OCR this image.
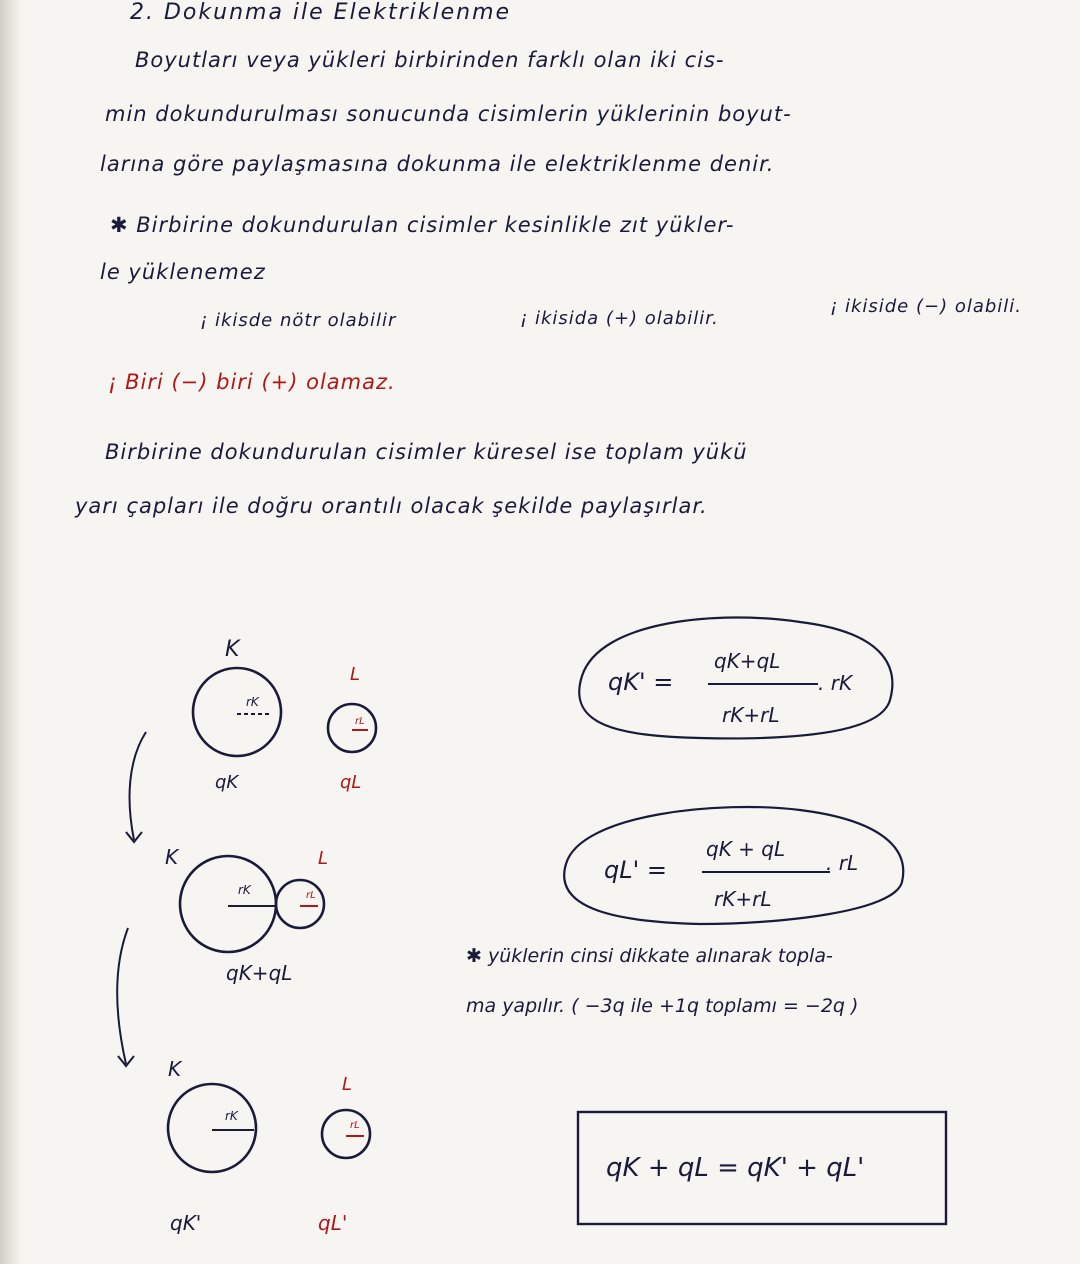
2. Dokunma ile Elektriklenme
Boyutları veya yükleri birbirinden farklı olan iki cis-
min dokundurulması sonucunda cisimlerin yüklerinin boyut-
larına göre paylaşmasına dokunma ile elektriklenme denir.
✱ Birbirine dokundurulan cisimler kesinlikle zıt yükler-
le yüklenemez
¡ ikisde nötr olabilir	¡ ikisida (+) olabilir.
¡ ikiside (−) olabili.
¡ Biri (−) biri (+) olamaz.
Birbirine dokundurulan cisimler küresel ise toplam yükü
yarı çapları ile doğru orantılı olacak şekilde paylaşırlar.
K
rK
qK
L
rL
qL
K
rK
L
rL
qK+qL
K
rK
qK'
L
rL
qL'
qK' =
qK+qL
rK+rL
. rK
qL' =
qK + qL
rK+rL
. rL
✱ yüklerin cinsi dikkate alınarak topla-
ma yapılır. ( −3q ile +1q toplamı = −2q )
qK + qL = qK' + qL'
